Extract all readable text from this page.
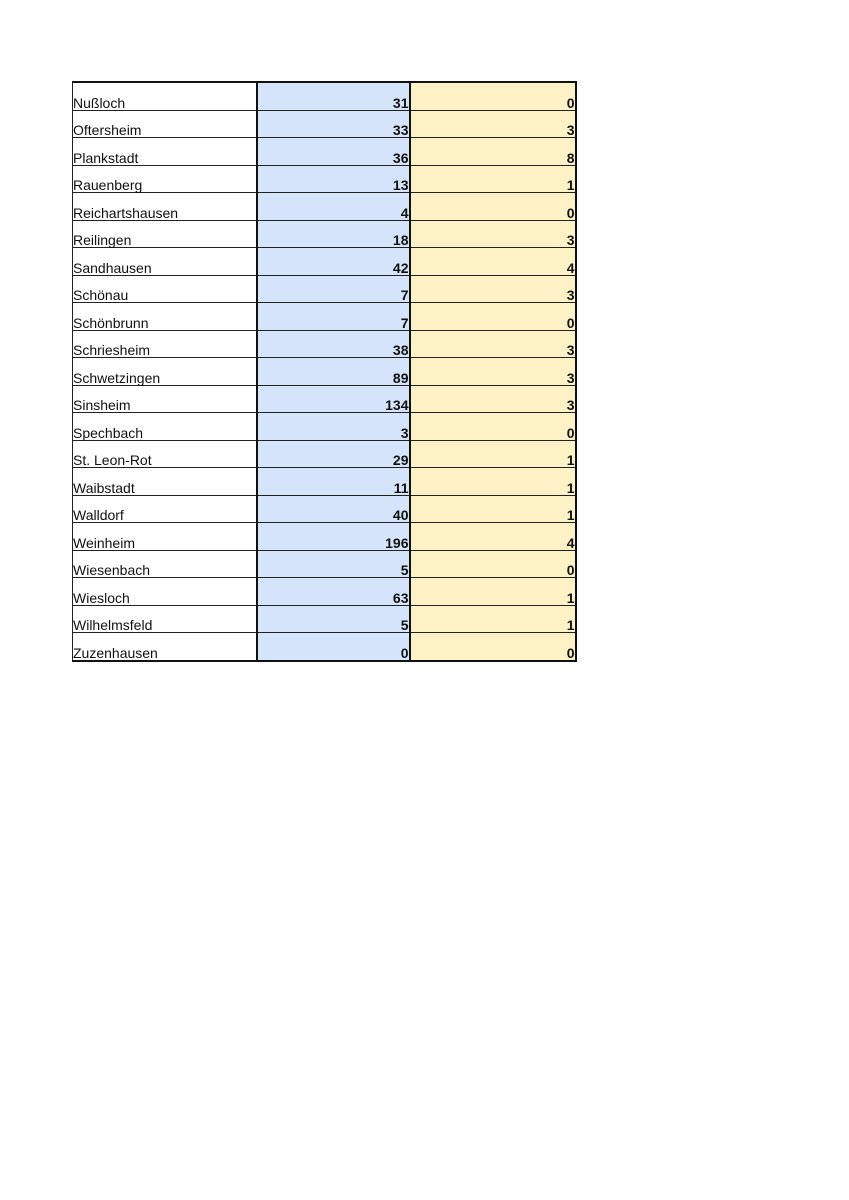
Nußloch	31	0
Oftersheim	33	3
Plankstadt	36	8
Rauenberg	13	1
Reichartshausen	4	0
Reilingen	18	3
Sandhausen	42	4
Schönau	7	3
Schönbrunn	7	0
Schriesheim	38	3
Schwetzingen	89	3
Sinsheim	134	3
Spechbach	3	0
St. Leon-Rot	29	1
Waibstadt	11	1
Walldorf	40	1
Weinheim	196	4
Wiesenbach	5	0
Wiesloch	63	1
Wilhelmsfeld	5	1
Zuzenhausen	0	0
